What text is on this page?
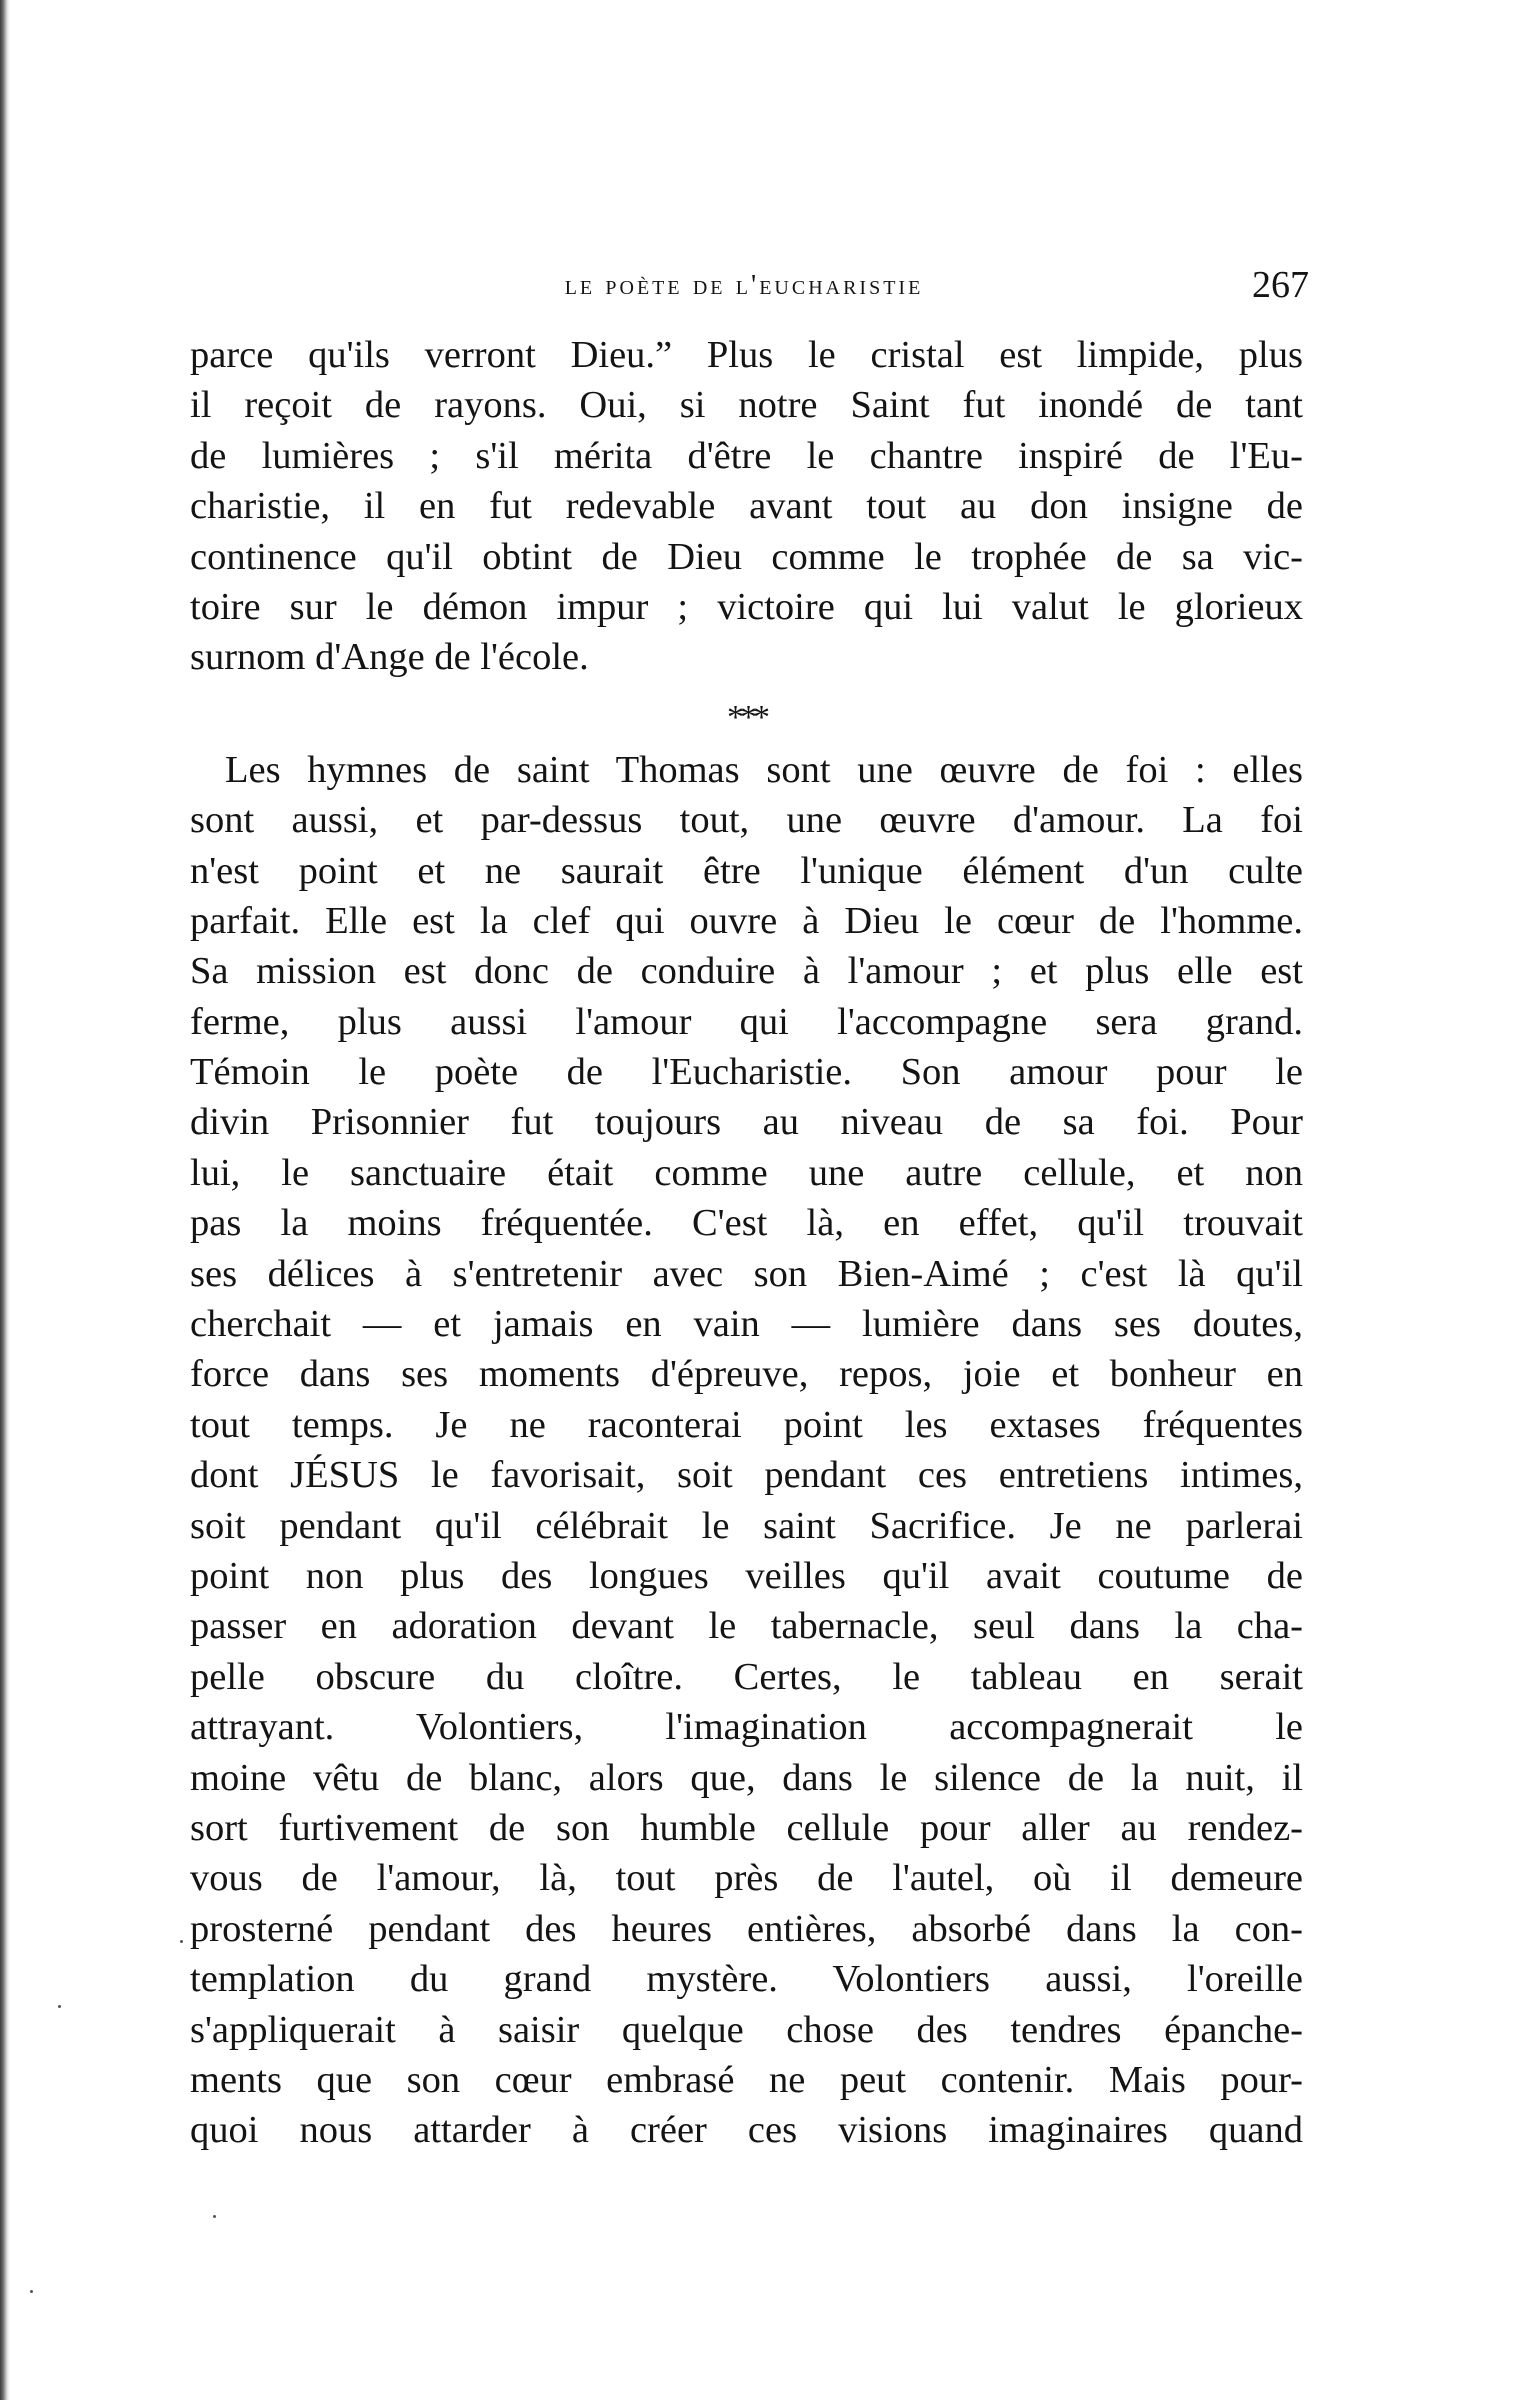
le poète de l'eucharistie	267
parce qu'ils verront Dieu.” Plus le cristal est limpide, plus
il reçoit de rayons. Oui, si notre Saint fut inondé de tant
de lumières ; s'il mérita d'être le chantre inspiré de l'Eu-
charistie, il en fut redevable avant tout au don insigne de
continence qu'il obtint de Dieu comme le trophée de sa vic-
toire sur le démon impur ; victoire qui lui valut le glorieux
surnom d'Ange de l'école.
***
Les hymnes de saint Thomas sont une œuvre de foi : elles
sont aussi, et par-dessus tout, une œuvre d'amour. La foi
n'est point et ne saurait être l'unique élément d'un culte
parfait. Elle est la clef qui ouvre à Dieu le cœur de l'homme.
Sa mission est donc de conduire à l'amour ; et plus elle est
ferme, plus aussi l'amour qui l'accompagne sera grand.
Témoin le poète de l'Eucharistie. Son amour pour le
divin Prisonnier fut toujours au niveau de sa foi. Pour
lui, le sanctuaire était comme une autre cellule, et non
pas la moins fréquentée. C'est là, en effet, qu'il trouvait
ses délices à s'entretenir avec son Bien-Aimé ; c'est là qu'il
cherchait — et jamais en vain — lumière dans ses doutes,
force dans ses moments d'épreuve, repos, joie et bonheur en
tout temps. Je ne raconterai point les extases fréquentes
dont JÉSUS le favorisait, soit pendant ces entretiens intimes,
soit pendant qu'il célébrait le saint Sacrifice. Je ne parlerai
point non plus des longues veilles qu'il avait coutume de
passer en adoration devant le tabernacle, seul dans la cha-
pelle obscure du cloître. Certes, le tableau en serait
attrayant. Volontiers, l'imagination accompagnerait le
moine vêtu de blanc, alors que, dans le silence de la nuit, il
sort furtivement de son humble cellule pour aller au rendez-
vous de l'amour, là, tout près de l'autel, où il demeure
prosterné pendant des heures entières, absorbé dans la con-
templation du grand mystère. Volontiers aussi, l'oreille
s'appliquerait à saisir quelque chose des tendres épanche-
ments que son cœur embrasé ne peut contenir. Mais pour-
quoi nous attarder à créer ces visions imaginaires quand
